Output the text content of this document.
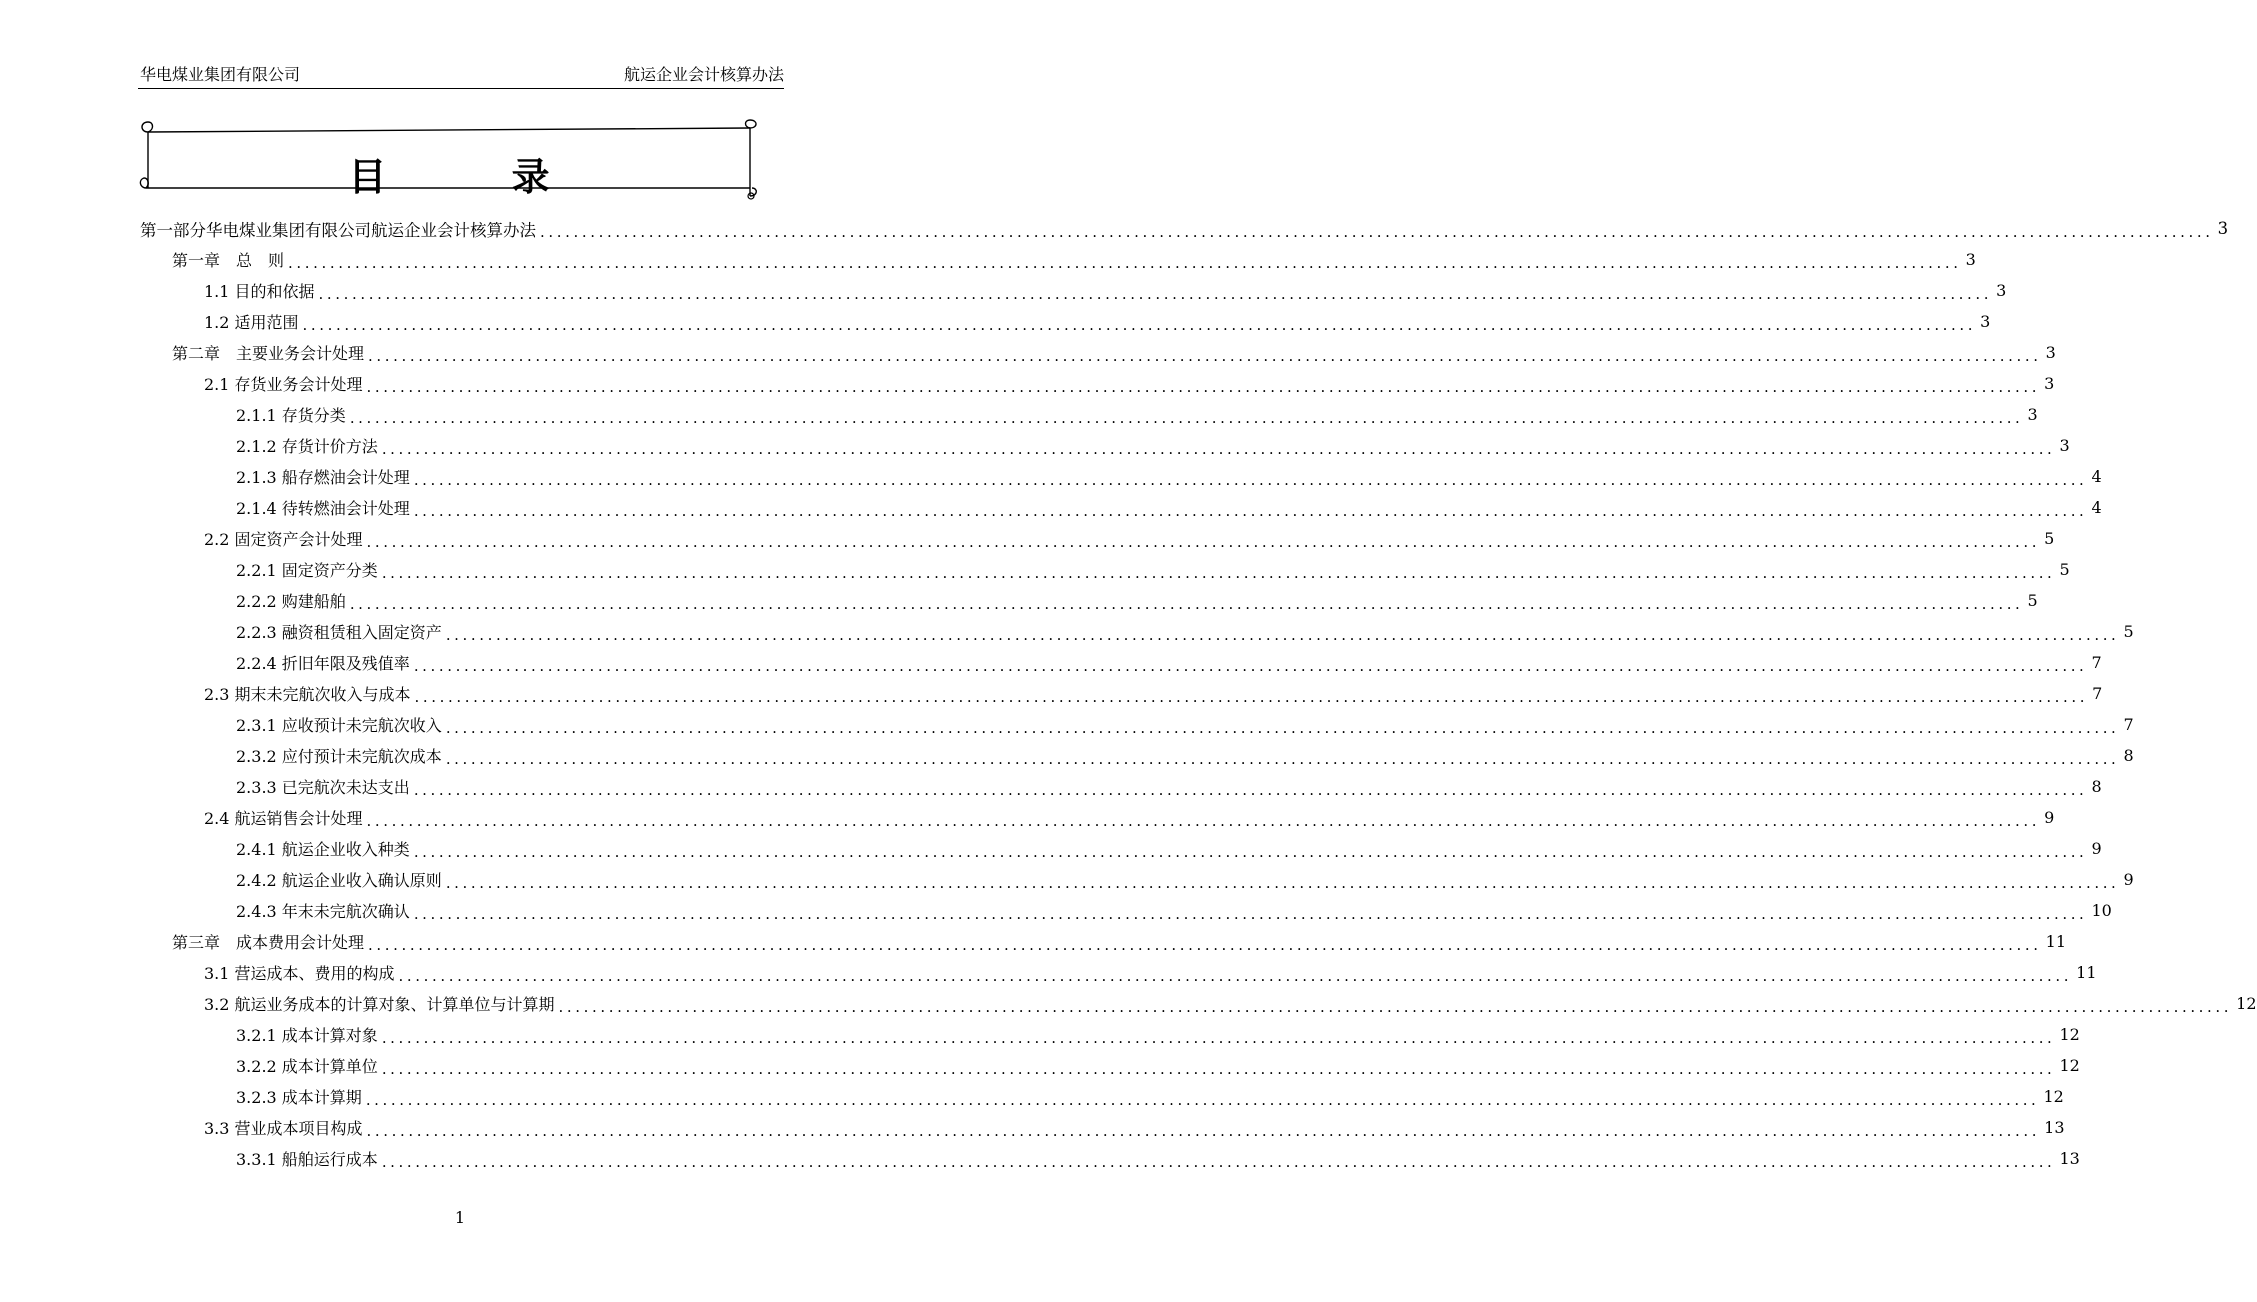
华电煤业集团有限公司	航运企业会计核算办法
目 录
第一部分华电煤业集团有限公司航运企业会计核算办法 ........................................................................................................................................................................................................ 3
第一章　总　则 ........................................................................................................................................................................................................ 3
1.1 目的和依据 ........................................................................................................................................................................................................ 3
1.2 适用范围 ........................................................................................................................................................................................................ 3
第二章　主要业务会计处理 ........................................................................................................................................................................................................ 3
2.1 存货业务会计处理 ........................................................................................................................................................................................................ 3
2.1.1 存货分类 ........................................................................................................................................................................................................ 3
2.1.2 存货计价方法 ........................................................................................................................................................................................................ 3
2.1.3 船存燃油会计处理 ........................................................................................................................................................................................................ 4
2.1.4 待转燃油会计处理 ........................................................................................................................................................................................................ 4
2.2 固定资产会计处理 ........................................................................................................................................................................................................ 5
2.2.1 固定资产分类 ........................................................................................................................................................................................................ 5
2.2.2 购建船舶 ........................................................................................................................................................................................................ 5
2.2.3 融资租赁租入固定资产 ........................................................................................................................................................................................................ 5
2.2.4 折旧年限及残值率 ........................................................................................................................................................................................................ 7
2.3 期末未完航次收入与成本 ........................................................................................................................................................................................................ 7
2.3.1 应收预计未完航次收入 ........................................................................................................................................................................................................ 7
2.3.2 应付预计未完航次成本 ........................................................................................................................................................................................................ 8
2.3.3 已完航次未达支出 ........................................................................................................................................................................................................ 8
2.4 航运销售会计处理 ........................................................................................................................................................................................................ 9
2.4.1 航运企业收入种类 ........................................................................................................................................................................................................ 9
2.4.2 航运企业收入确认原则 ........................................................................................................................................................................................................ 9
2.4.3 年末未完航次确认 ........................................................................................................................................................................................................ 10
第三章　成本费用会计处理 ........................................................................................................................................................................................................ 11
3.1 营运成本、费用的构成 ........................................................................................................................................................................................................ 11
3.2 航运业务成本的计算对象、计算单位与计算期 ........................................................................................................................................................................................................ 12
3.2.1 成本计算对象 ........................................................................................................................................................................................................ 12
3.2.2 成本计算单位 ........................................................................................................................................................................................................ 12
3.2.3 成本计算期 ........................................................................................................................................................................................................ 12
3.3 营业成本项目构成 ........................................................................................................................................................................................................ 13
3.3.1 船舶运行成本 ........................................................................................................................................................................................................ 13
1
